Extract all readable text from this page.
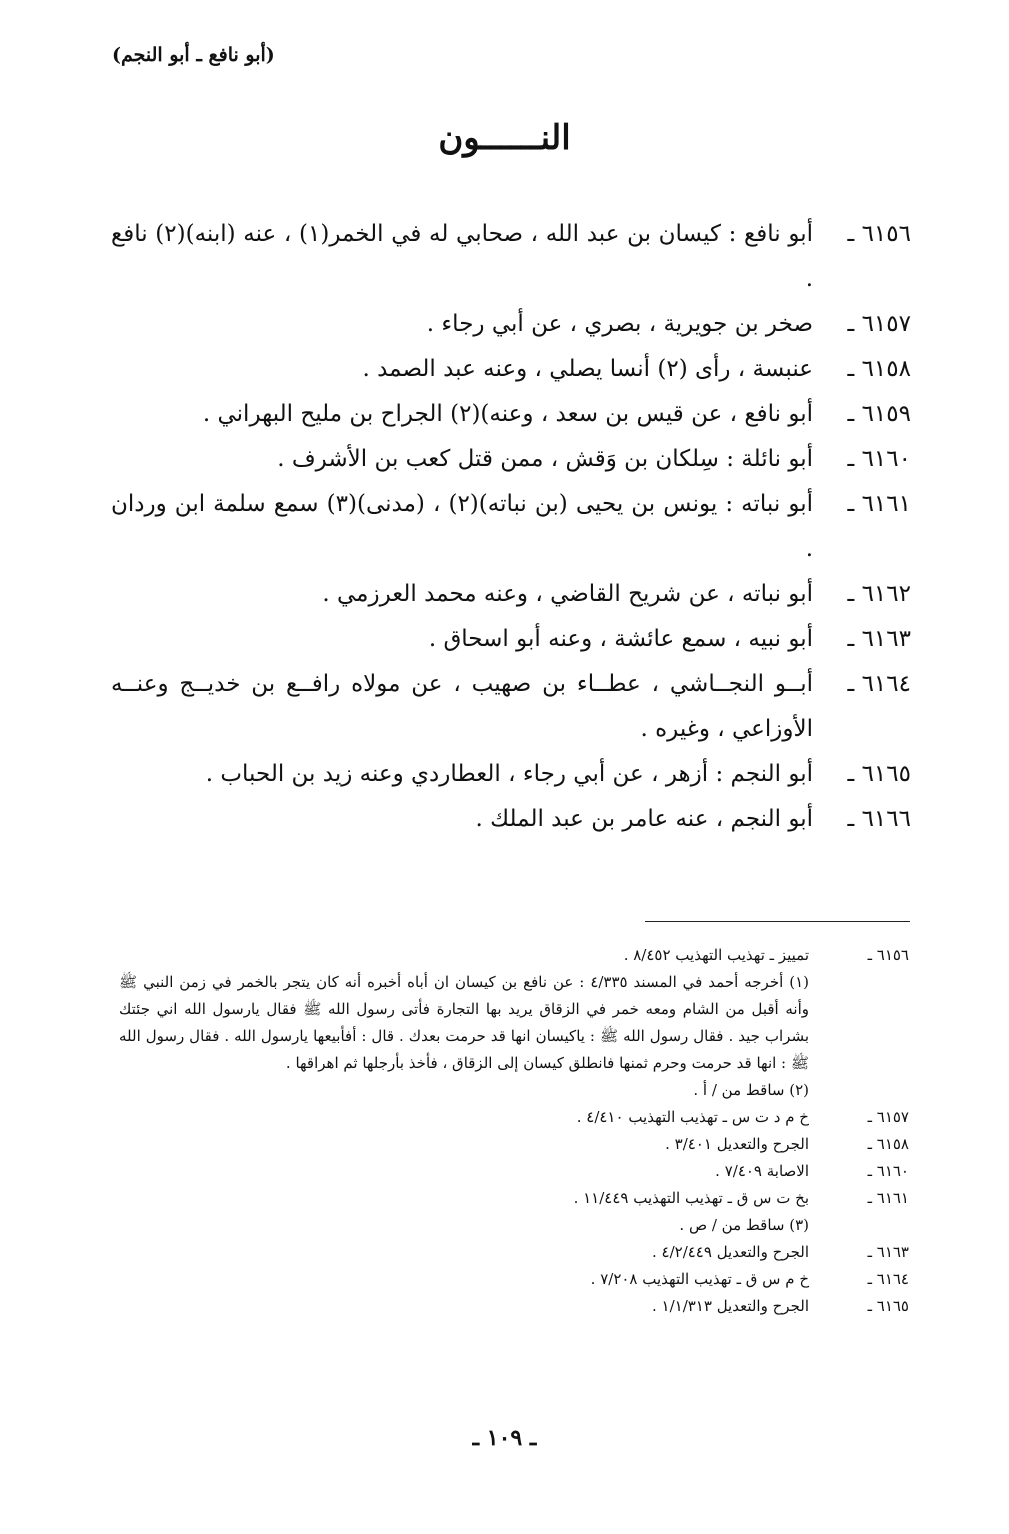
(أبو نافع ـ أبو النجم)
النــــــون
٦١٥٦ ـ
أبو نافع : كيسان بن عبد الله ، صحابي له في الخمر(١) ، عنه (ابنه)(٢) نافع .
٦١٥٧ ـ
صخر بن جويرية ، بصري ، عن أبي رجاء .
٦١٥٨ ـ
عنبسة ، رأى (٢) أنسا يصلي ، وعنه عبد الصمد .
٦١٥٩ ـ
أبو نافع ، عن قيس بن سعد ، وعنه)(٢) الجراح بن مليح البهراني .
٦١٦٠ ـ
أبو نائلة : سِلكان بن وَقش ، ممن قتل كعب بن الأشرف .
٦١٦١ ـ
أبو نباته : يونس بن يحيى (بن نباته)(٢) ، (مدنى)(٣) سمع سلمة ابن وردان .
٦١٦٢ ـ
أبو نباته ، عن شريح القاضي ، وعنه محمد العرزمي .
٦١٦٣ ـ
أبو نبيه ، سمع عائشة ، وعنه أبو اسحاق .
٦١٦٤ ـ
أبــو النجــاشي ، عطــاء بن صهيب ، عن مولاه رافــع بن خديــج وعنــه الأوزاعي ، وغيره .
٦١٦٥ ـ
أبو النجم : أزهر ، عن أبي رجاء ، العطاردي وعنه زيد بن الحباب .
٦١٦٦ ـ
أبو النجم ، عنه عامر بن عبد الملك .
٦١٥٦ ـ
تمييز ـ تهذيب التهذيب ٨/٤٥٢ .
(١) أخرجه أحمد في المسند ٤/٣٣٥ : عن نافع بن كيسان ان أباه أخبره أنه كان يتجر بالخمر في زمن النبي ﷺ وأنه أقبل من الشام ومعه خمر في الزقاق يريد بها التجارة فأتى رسول الله ﷺ فقال يارسول الله اني جئتك بشراب جيد . فقال رسول الله ﷺ : ياكيسان انها قد حرمت بعدك . قال : أفأبيعها يارسول الله . فقال رسول الله ﷺ : انها قد حرمت وحرم ثمنها فانطلق كيسان إلى الزقاق ، فأخذ بأرجلها ثم اهراقها .
(٢) ساقط من / أ .
٦١٥٧ ـ
خ م د ت س ـ تهذيب التهذيب ٤/٤١٠ .
٦١٥٨ ـ
الجرح والتعديل ٣/٤٠١ .
٦١٦٠ ـ
الاصابة ٧/٤٠٩ .
٦١٦١ ـ
بخ ت س ق ـ تهذيب التهذيب ١١/٤٤٩ .
(٣) ساقط من / ص .
٦١٦٣ ـ
الجرح والتعديل ٤/٢/٤٤٩ .
٦١٦٤ ـ
خ م س ق ـ تهذيب التهذيب ٧/٢٠٨ .
٦١٦٥ ـ
الجرح والتعديل ١/١/٣١٣ .
ـ ١٠٩ ـ
